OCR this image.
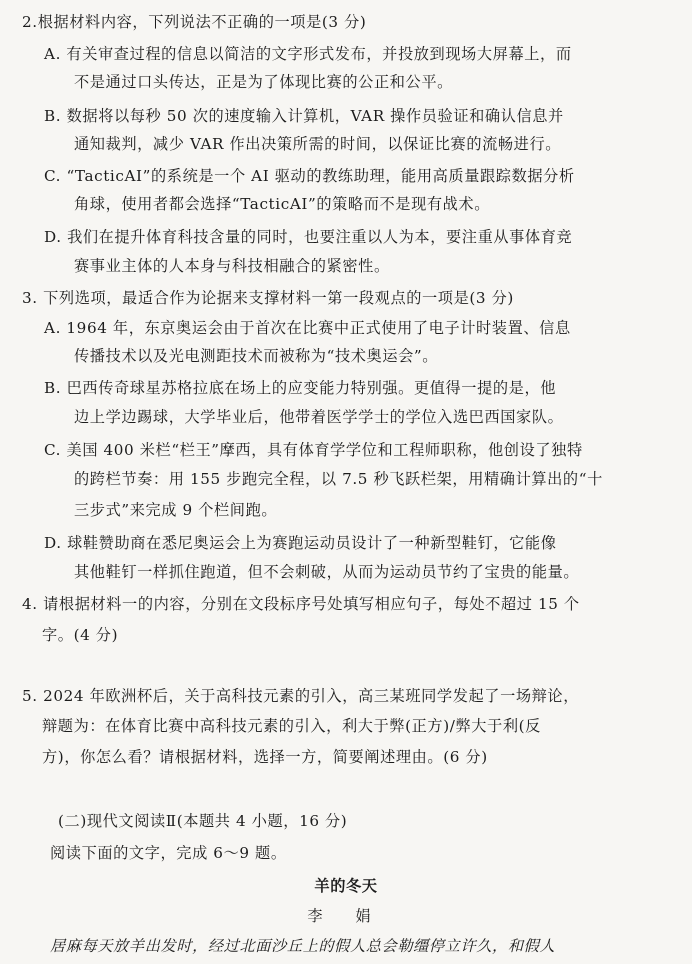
2.根据材料内容，下列说法不正确的一项是(3 分)
A. 有关审查过程的信息以简洁的文字形式发布，并投放到现场大屏幕上，而
不是通过口头传达，正是为了体现比赛的公正和公平。
B. 数据将以每秒 50 次的速度输入计算机，VAR 操作员验证和确认信息并
通知裁判，减少 VAR 作出决策所需的时间，以保证比赛的流畅进行。
C. “TacticAI”的系统是一个 AI 驱动的教练助理，能用高质量跟踪数据分析
角球，使用者都会选择“TacticAI”的策略而不是现有战术。
D. 我们在提升体育科技含量的同时，也要注重以人为本，要注重从事体育竞
赛事业主体的人本身与科技相融合的紧密性。
3. 下列选项，最适合作为论据来支撑材料一第一段观点的一项是(3 分)
A. 1964 年，东京奥运会由于首次在比赛中正式使用了电子计时装置、信息
传播技术以及光电测距技术而被称为“技术奥运会”。
B. 巴西传奇球星苏格拉底在场上的应变能力特别强。更值得一提的是，他
边上学边踢球，大学毕业后，他带着医学学士的学位入选巴西国家队。
C. 美国 400 米栏“栏王”摩西，具有体育学学位和工程师职称，他创设了独特
的跨栏节奏：用 155 步跑完全程，以 7.5 秒飞跃栏架，用精确计算出的“十
三步式”来完成 9 个栏间跑。
D. 球鞋赞助商在悉尼奥运会上为赛跑运动员设计了一种新型鞋钉，它能像
其他鞋钉一样抓住跑道，但不会刺破，从而为运动员节约了宝贵的能量。
4. 请根据材料一的内容，分别在文段标序号处填写相应句子，每处不超过 15 个
字。(4 分)
5. 2024 年欧洲杯后，关于高科技元素的引入，高三某班同学发起了一场辩论，
辩题为：在体育比赛中高科技元素的引入，利大于弊(正方)/弊大于利(反
方)，你怎么看？请根据材料，选择一方，简要阐述理由。(6 分)
(二)现代文阅读Ⅱ(本题共 4 小题，16 分)
阅读下面的文字，完成 6～9 题。
羊的冬天
李 娟
居麻每天放羊出发时，经过北面沙丘上的假人总会勒缰停立许久，和假人
